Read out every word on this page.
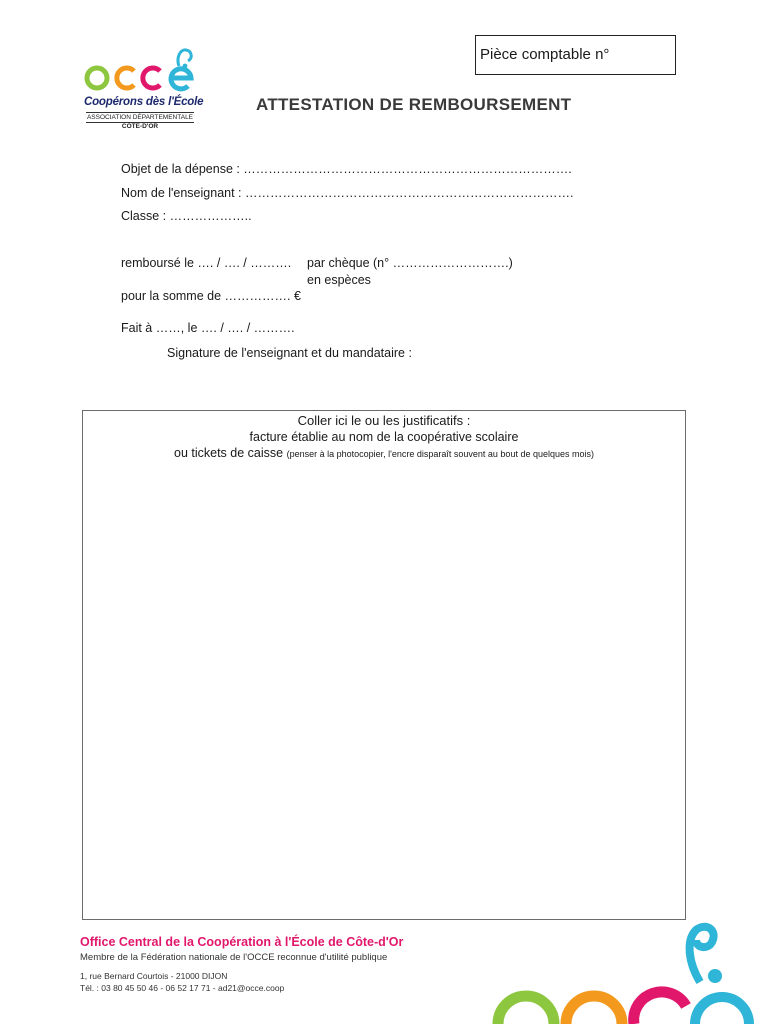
Coopérons dès l'École
ASSOCIATION DÉPARTEMENTALE
CÔTE-D'OR
ATTESTATION DE REMBOURSEMENT
Pièce comptable n°
Objet de la dépense : …………………………………………………………………….
Nom de l'enseignant : …………………………………………………………………….
Classe : ………………..
remboursé le …. / …. / ………. par chèque (n° ……………………….)
en espèces
pour la somme de ……………. €
Fait à ……, le …. / …. / ……….
Signature de l'enseignant et du mandataire :
Coller ici le ou les justificatifs :
facture établie au nom de la coopérative scolaire
ou tickets de caisse (penser à la photocopier, l'encre disparaît souvent au bout de quelques mois)
Office Central de la Coopération à l'École de Côte-d'Or
Membre de la Fédération nationale de l'OCCE reconnue d'utilité publique
1, rue Bernard Courtois - 21000 DIJON
Tél. : 03 80 45 50 46 - 06 52 17 71 - ad21@occe.coop
